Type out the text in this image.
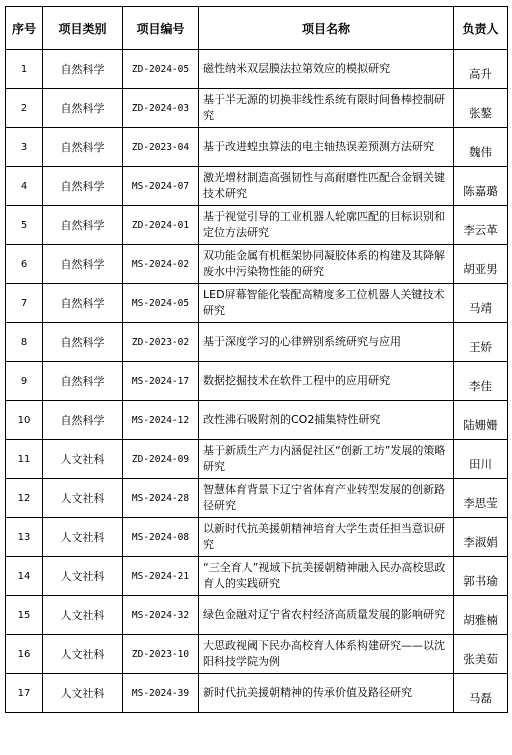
序号	项目类别	项目编号	项目名称	负责人
1	自然科学	ZD-2024-05	磁性纳米双层膜法拉第效应的模拟研究	高升
2	自然科学	ZD-2024-03	基于半无源的切换非线性系统有限时间鲁棒控制研究	张鏊
3	自然科学	ZD-2023-04	基于改进蝗虫算法的电主轴热误差预测方法研究	魏伟
4	自然科学	MS-2024-07	激光增材制造高强韧性与高耐磨性匹配合金钢关键技术研究	陈嘉璐
5	自然科学	ZD-2024-01	基于视觉引导的工业机器人轮廓匹配的目标识别和定位方法研究	李云革
6	自然科学	MS-2024-02	双功能金属有机框架协同凝胶体系的构建及其降解废水中污染物性能的研究	胡亚男
7	自然科学	MS-2024-05	LED屏幕智能化装配高精度多工位机器人关键技术研究	马靖
8	自然科学	ZD-2023-02	基于深度学习的心律辨别系统研究与应用	王娇
9	自然科学	MS-2024-17	数据挖掘技术在软件工程中的应用研究	李佳
10	自然科学	MS-2024-12	改性沸石吸附剂的CO2捕集特性研究	陆姗姗
11	人文社科	ZD-2024-09	基于新质生产力内涵促社区“创新工坊”发展的策略研究	田川
12	人文社科	MS-2024-28	智慧体育背景下辽宁省体育产业转型发展的创新路径研究	李思莹
13	人文社科	MS-2024-08	以新时代抗美援朝精神培育大学生责任担当意识研究	李淑娟
14	人文社科	MS-2024-21	“三全育人”视域下抗美援朝精神融入民办高校思政育人的实践研究	郭书瑜
15	人文社科	MS-2024-32	绿色金融对辽宁省农村经济高质量发展的影响研究	胡雅楠
16	人文社科	ZD-2023-10	大思政视阈下民办高校育人体系构建研究——以沈阳科技学院为例	张美茹
17	人文社科	MS-2024-39	新时代抗美援朝精神的传承价值及路径研究	马磊
